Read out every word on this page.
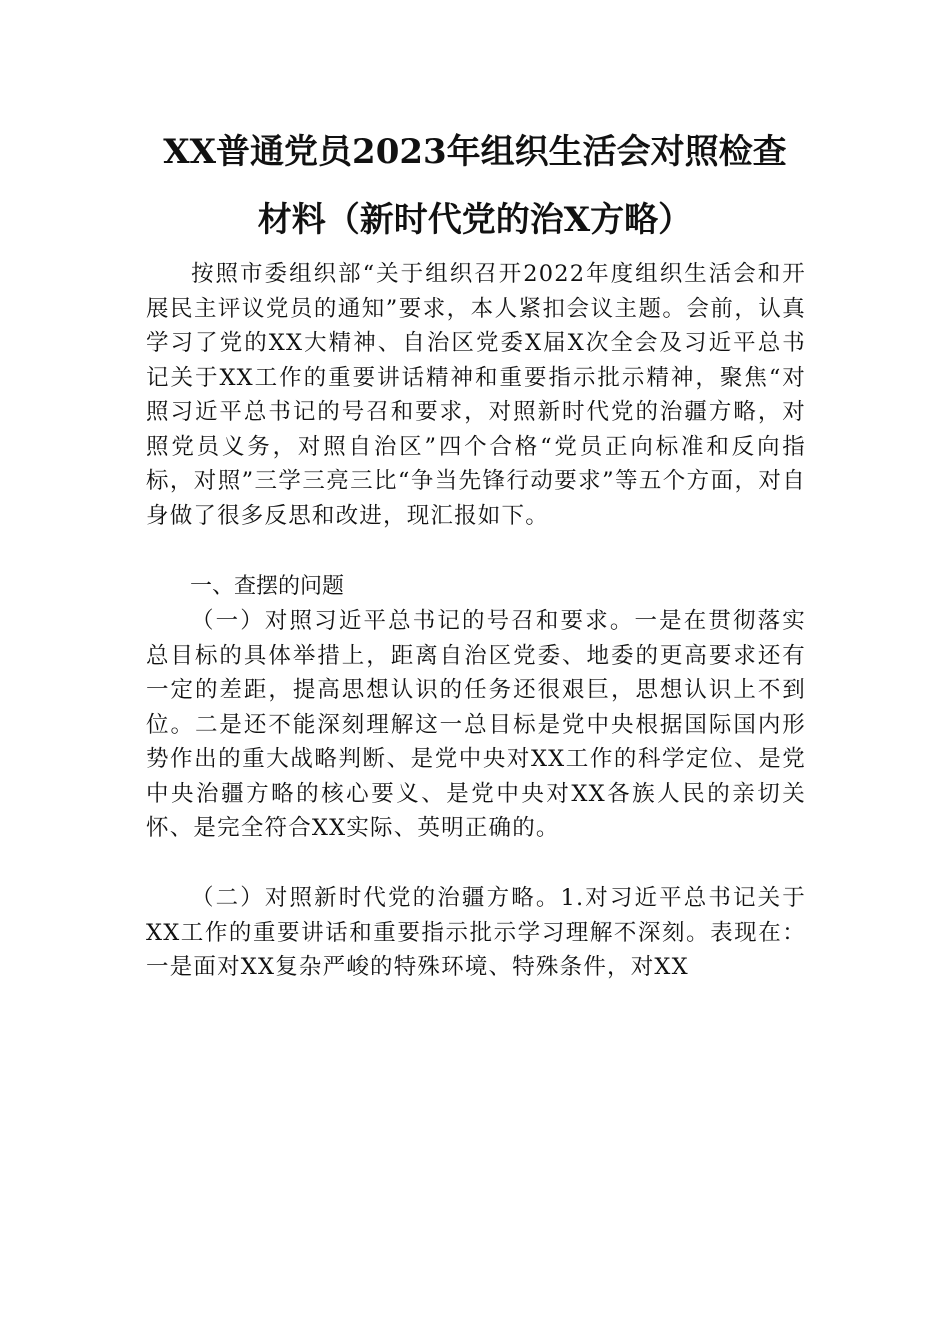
XX普通党员2023年组织生活会对照检查
材料（新时代党的治X方略）

按照市委组织部“关于组织召开2022年度组织生活会和开展民主评议党员的通知”要求，本人紧扣会议主题。会前，认真学习了党的XX大精神、自治区党委X届X次全会及习近平总书记关于XX工作的重要讲话精神和重要指示批示精神，聚焦“对照习近平总书记的号召和要求，对照新时代党的治疆方略，对照党员义务，对照自治区”四个合格“党员正向标准和反向指标，对照”三学三亮三比“争当先锋行动要求”等五个方面，对自身做了很多反思和改进，现汇报如下。

一、查摆的问题

（一）对照习近平总书记的号召和要求。一是在贯彻落实总目标的具体举措上，距离自治区党委、地委的更高要求还有一定的差距，提高思想认识的任务还很艰巨，思想认识上不到位。二是还不能深刻理解这一总目标是党中央根据国际国内形势作出的重大战略判断、是党中央对XX工作的科学定位、是党中央治疆方略的核心要义、是党中央对XX各族人民的亲切关怀、是完全符合XX实际、英明正确的。

（二）对照新时代党的治疆方略。1.对习近平总书记关于XX工作的重要讲话和重要指示批示学习理解不深刻。表现在：一是面对XX复杂严峻的特殊环境、特殊条件，对XX
